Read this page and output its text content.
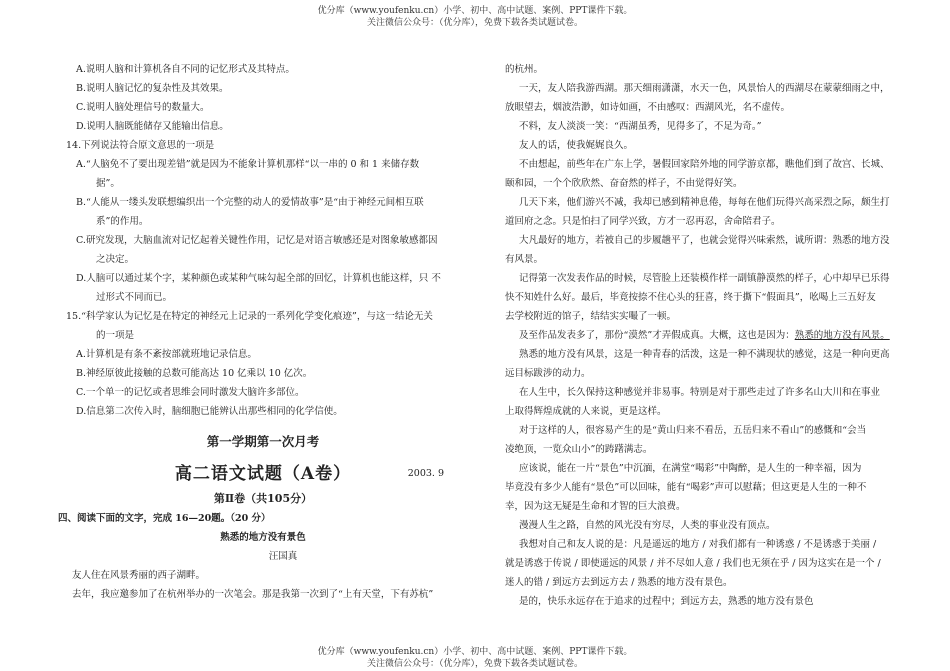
优分库（www.youfenku.cn）小学、初中、高中试题、案例、PPT课件下载。
关注微信公众号：（优分库），免费下载各类试题试卷。
A.说明人脑和计算机各自不同的记忆形式及其特点。
B.说明人脑记忆的复杂性及其效果。
C.说明人脑处理信号的数量大。
D.说明人脑既能储存又能输出信息。
14.下列说法符合原文意思的一项是
A.“人脑免不了要出现差错”就是因为不能象计算机那样“以一串的 0 和 1 来储存数
据”。
B.“人能从一缕头发联想编织出一个完整的动人的爱情故事”是“由于神经元间相互联
系”的作用。
C.研究发现，大脑血流对记忆起着关键性作用，记忆是对语言敏感还是对图象敏感都因
之决定。
D.人脑可以通过某个字，某种颜色或某种气味勾起全部的回忆，计算机也能这样，只 不
过形式不同而已。
15.“科学家认为记忆是在特定的神经元上记录的一系列化学变化痕迹”，与这一结论无关
的一项是
A.计算机是有条不紊按部就班地记录信息。
B.神经原彼此接触的总数可能高达 10 亿乘以 10 亿次。
C.一个单一的记忆或者思维会同时激发大脑许多部位。
D.信息第二次传入时，脑细胞已能辨认出那些相同的化学信使。
第一学期第一次月考
高二语文试题（A卷）	2003. 9
第Ⅱ卷（共105分）
四、阅读下面的文字，完成 16—20题。（20 分）
熟悉的地方没有景色
汪国真
友人住在风景秀丽的西子湖畔。
去年，我应邀参加了在杭州举办的一次笔会。那是我第一次到了“上有天堂，下有苏杭”
的杭州。
一天，友人陪我游西湖。那天细雨潇潇，水天一色，风景怡人的西湖尽在蒙蒙细雨之中，
放眼望去，烟波浩渺，如诗如画，不由感叹：西湖风光，名不虚传。
不料，友人淡淡一笑：“西湖虽秀，见得多了，不足为奇。”
友人的话，使我娓娓良久。
不由想起，前些年在广东上学，暑假回家陪外地的同学游京都，瞧他们到了故宫、长城、
颐和园，一个个欣欣然、奋奋然的样子，不由觉得好笑。
几天下来，他们游兴不减，我却已感到精神息倦，每每在他们玩得兴高采烈之际，颇生打
道回府之念。只是怕扫了同学兴致，方才一忍再忍，舍命陪君子。
大凡最好的地方，若被自己的步履趟平了，也就会觉得兴味索然，诚所谓：熟悉的地方没
有风景。
记得第一次发表作品的时候，尽管脸上还装模作样一副镇静漠然的样子，心中却早已乐得
快不知姓什么好。最后，毕竟按捺不住心头的狂喜，终于撕下“假面具”，吆喝上三五好友
去学校附近的馆子，结结实实嘬了一顿。
及至作品发表多了，那份“漠然”才弄假成真。大概，这也是因为：熟悉的地方没有风景。
熟悉的地方没有风景，这是一种青春的活泼，这是一种不满现状的感觉，这是一种向更高
远目标跋涉的动力。
在人生中，长久保持这种感觉并非易事。特别是对于那些走过了许多名山大川和在事业
上取得辉煌成就的人来说，更是这样。
对于这样的人，很容易产生的是“黄山归来不看岳，五岳归来不看山”的感慨和“会当
凌绝顶，一览众山小”的踌躇满志。
应该说，能在一片“景色”中沉湎，在满堂“喝彩”中陶醉，是人生的一种幸福，因为
毕竟没有多少人能有“景色”可以回味，能有“喝彩”声可以慰藉；但这更是人生的一种不
幸，因为这无疑是生命和才智的巨大浪费。
漫漫人生之路，自然的风光没有穷尽，人类的事业没有顶点。
我想对自己和友人说的是：凡是遥远的地方 / 对我们都有一种诱惑 / 不是诱惑于美丽 /
就是诱惑于传说 / 即使遥远的风景 / 并不尽如人意 / 我们也无须在乎 / 因为这实在是一个 /
迷人的错 / 到远方去到远方去 / 熟悉的地方没有景色。
是的，快乐永远存在于追求的过程中；到远方去，熟悉的地方没有景色
优分库（www.youfenku.cn）小学、初中、高中试题、案例、PPT课件下载。
关注微信公众号：（优分库），免费下载各类试题试卷。
